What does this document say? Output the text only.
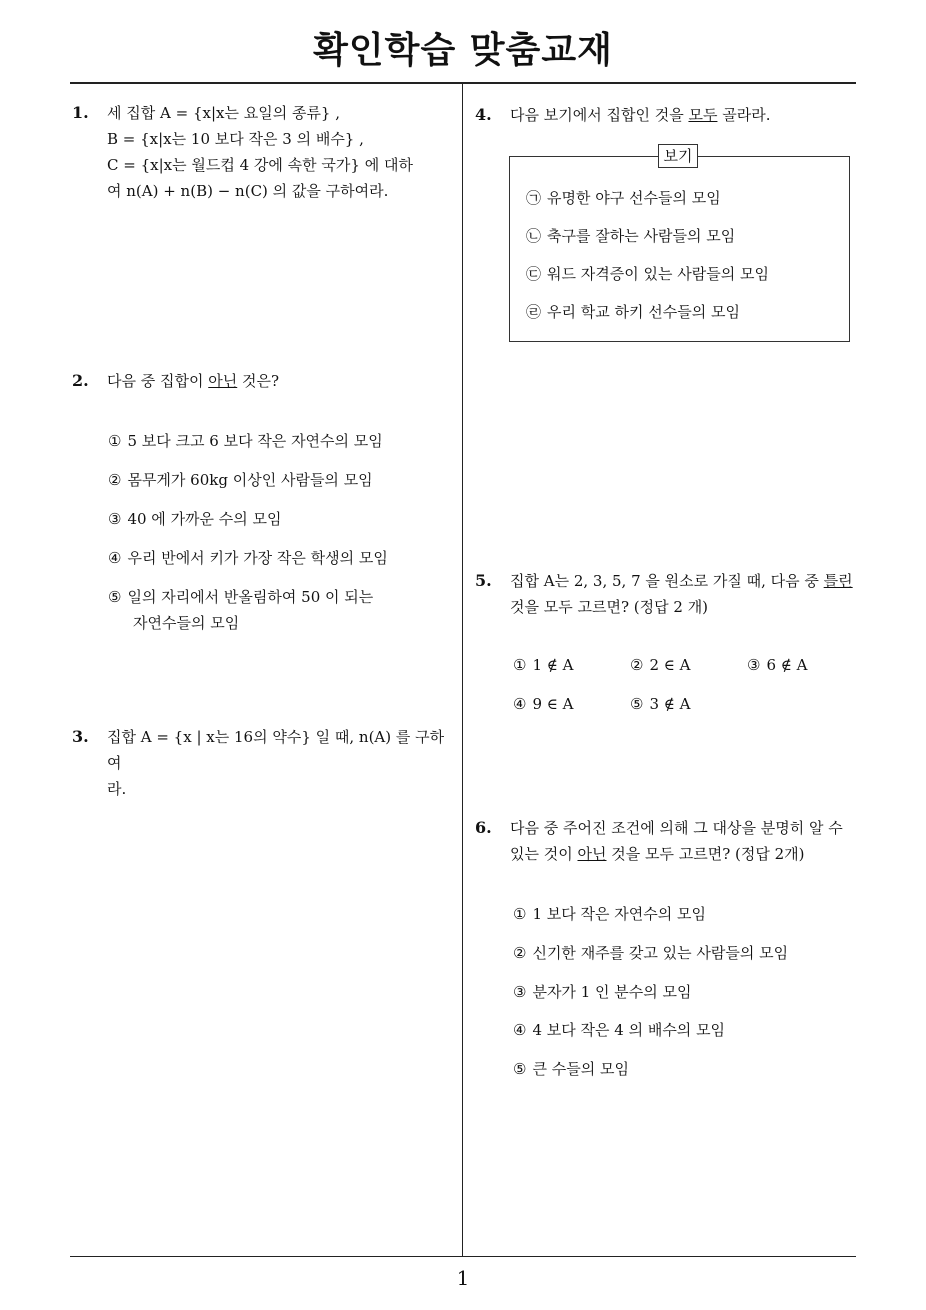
확인학습 맞춤교재
1
1. 세 집합 A = {x|x는 요일의 종류} ,
B = {x|x는 10 보다 작은 3 의 배수} ,
C = {x|x는 월드컵 4 강에 속한 국가} 에 대하
여 n(A) + n(B) − n(C) 의 값을 구하여라.
2. 다음 중 집합이 아닌 것은?
① 5 보다 크고 6 보다 작은 자연수의 모임
② 몸무게가 60kg 이상인 사람들의 모임
③ 40 에 가까운 수의 모임
④ 우리 반에서 키가 가장 작은 학생의 모임
⑤ 일의 자리에서 반올림하여 50 이 되는
자연수들의 모임
3. 집합 A = {x | x는 16의 약수} 일 때, n(A) 를 구하여
라.
4. 다음 보기에서 집합인 것을 모두 골라라.
보기
㉠ 유명한 야구 선수들의 모임
㉡ 축구를 잘하는 사람들의 모임
㉢ 워드 자격증이 있는 사람들의 모임
㉣ 우리 학교 하키 선수들의 모임
5. 집합 A는 2, 3, 5, 7 을 원소로 가질 때, 다음 중 틀린
것을 모두 고르면? (정답 2 개)
① 1 ∉ A	② 2 ∈ A	③ 6 ∉ A
④ 9 ∈ A	⑤ 3 ∉ A
6. 다음 중 주어진 조건에 의해 그 대상을 분명히 알 수
있는 것이 아닌 것을 모두 고르면? (정답 2개)
① 1 보다 작은 자연수의 모임
② 신기한 재주를 갖고 있는 사람들의 모임
③ 분자가 1 인 분수의 모임
④ 4 보다 작은 4 의 배수의 모임
⑤ 큰 수들의 모임
